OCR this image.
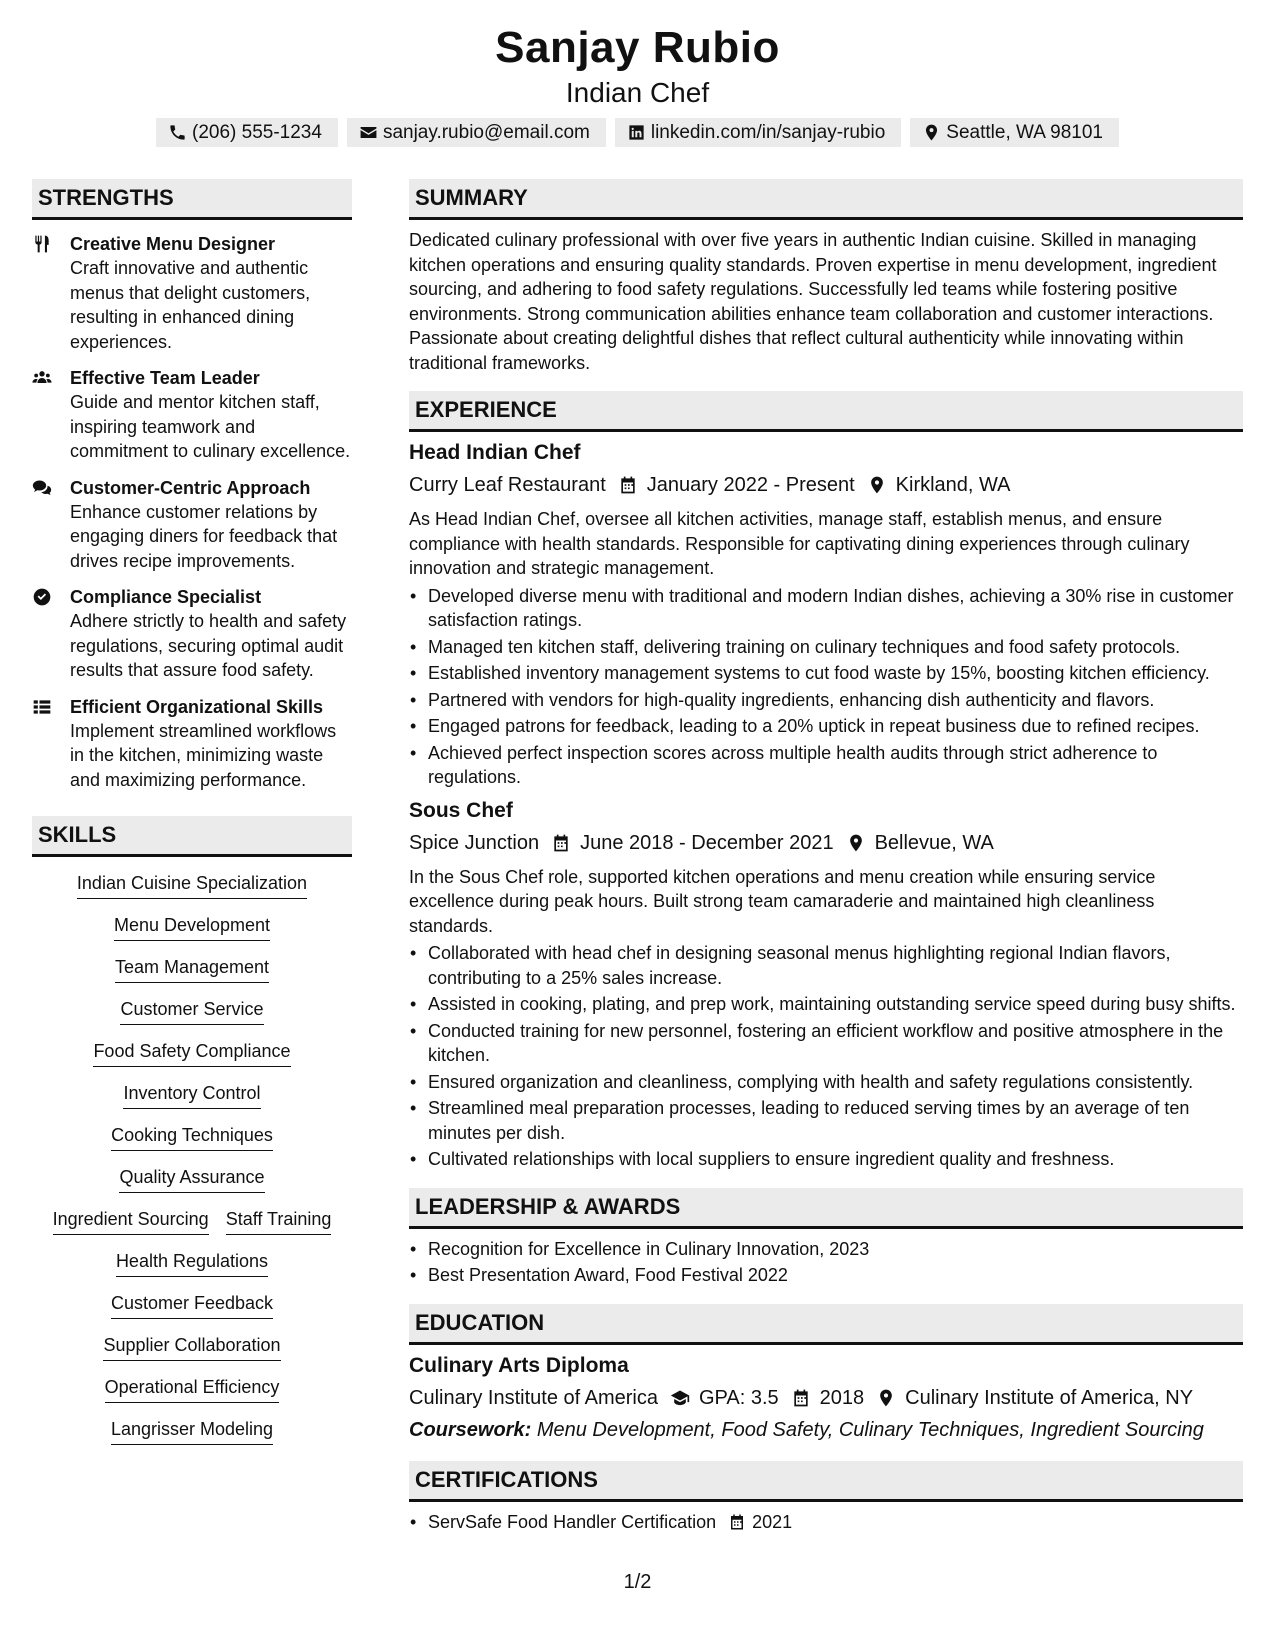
Sanjay Rubio
Indian Chef
(206) 555-1234	sanjay.rubio@email.com	linkedin.com/in/sanjay-rubio	Seattle, WA 98101
STRENGTHS
Creative Menu Designer
Craft innovative and authentic menus that delight customers, resulting in enhanced dining experiences.
Effective Team Leader
Guide and mentor kitchen staff, inspiring teamwork and commitment to culinary excellence.
Customer-Centric Approach
Enhance customer relations by engaging diners for feedback that drives recipe improvements.
Compliance Specialist
Adhere strictly to health and safety regulations, securing optimal audit results that assure food safety.
Efficient Organizational Skills
Implement streamlined workflows in the kitchen, minimizing waste and maximizing performance.
SKILLS
Indian Cuisine Specialization
Menu Development
Team Management
Customer Service
Food Safety Compliance
Inventory Control
Cooking Techniques
Quality Assurance
Ingredient Sourcing Staff Training
Health Regulations
Customer Feedback
Supplier Collaboration
Operational Efficiency
Langrisser Modeling
SUMMARY
Dedicated culinary professional with over five years in authentic Indian cuisine. Skilled in managing kitchen operations and ensuring quality standards. Proven expertise in menu development, ingredient sourcing, and adhering to food safety regulations. Successfully led teams while fostering positive environments. Strong communication abilities enhance team collaboration and customer interactions. Passionate about creating delightful dishes that reflect cultural authenticity while innovating within traditional frameworks.
EXPERIENCE
Head Indian Chef
Curry Leaf Restaurant January 2022 - Present Kirkland, WA
As Head Indian Chef, oversee all kitchen activities, manage staff, establish menus, and ensure compliance with health standards. Responsible for captivating dining experiences through culinary innovation and strategic management.
• Developed diverse menu with traditional and modern Indian dishes, achieving a 30% rise in customer satisfaction ratings.
• Managed ten kitchen staff, delivering training on culinary techniques and food safety protocols.
• Established inventory management systems to cut food waste by 15%, boosting kitchen efficiency.
• Partnered with vendors for high-quality ingredients, enhancing dish authenticity and flavors.
• Engaged patrons for feedback, leading to a 20% uptick in repeat business due to refined recipes.
• Achieved perfect inspection scores across multiple health audits through strict adherence to regulations.
Sous Chef
Spice Junction June 2018 - December 2021 Bellevue, WA
In the Sous Chef role, supported kitchen operations and menu creation while ensuring service excellence during peak hours. Built strong team camaraderie and maintained high cleanliness standards.
• Collaborated with head chef in designing seasonal menus highlighting regional Indian flavors, contributing to a 25% sales increase.
• Assisted in cooking, plating, and prep work, maintaining outstanding service speed during busy shifts.
• Conducted training for new personnel, fostering an efficient workflow and positive atmosphere in the kitchen.
• Ensured organization and cleanliness, complying with health and safety regulations consistently.
• Streamlined meal preparation processes, leading to reduced serving times by an average of ten minutes per dish.
• Cultivated relationships with local suppliers to ensure ingredient quality and freshness.
LEADERSHIP & AWARDS
• Recognition for Excellence in Culinary Innovation, 2023
• Best Presentation Award, Food Festival 2022
EDUCATION
Culinary Arts Diploma
Culinary Institute of America GPA: 3.5 2018 Culinary Institute of America, NY
Coursework: Menu Development, Food Safety, Culinary Techniques, Ingredient Sourcing
CERTIFICATIONS
• ServSafe Food Handler Certification 2021
1/2
